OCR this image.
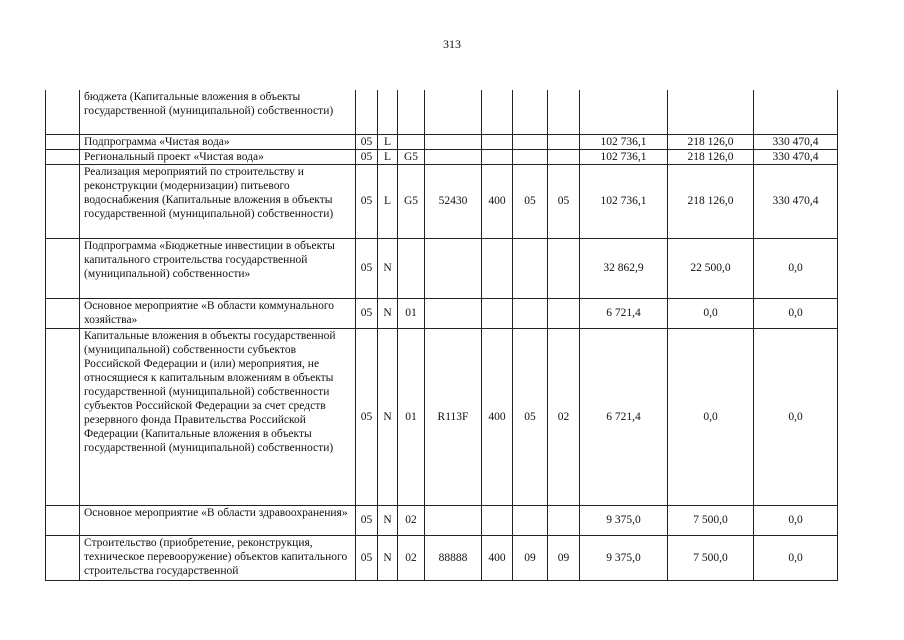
313
	бюджета (Капитальные вложения в объекты государственной (муниципальной) собственности)										
	Подпрограмма «Чистая вода»	05	L						102 736,1	218 126,0	330 470,4
	Региональный проект «Чистая вода»	05	L	G5					102 736,1	218 126,0	330 470,4
	Реализация мероприятий по строительству и реконструкции (модернизации) питьевого водоснабжения (Капитальные вложения в объекты государственной (муниципальной) собственности)	05	L	G5	52430	400	05	05	102 736,1	218 126,0	330 470,4
	Подпрограмма «Бюджетные инвестиции в объекты капитального строительства государственной (муниципальной) собственности»	05	N						32 862,9	22 500,0	0,0
	Основное мероприятие «В области коммунального хозяйства»	05	N	01					6 721,4	0,0	0,0
	Капитальные вложения в объекты государственной (муниципальной) собственности субъектов Российской Федерации и (или) мероприятия, не относящиеся к капитальным вложениям в объекты государственной (муниципальной) собственности субъектов Российской Федерации за счет средств резервного фонда Правительства Российской Федерации (Капитальные вложения в объекты государственной (муниципальной) собственности)	05	N	01	R113F	400	05	02	6 721,4	0,0	0,0
	Основное мероприятие «В области здравоохранения»	05	N	02					9 375,0	7 500,0	0,0
	Строительство (приобретение, реконструкция, техническое перевооружение) объектов капитального строительства государственной	05	N	02	88888	400	09	09	9 375,0	7 500,0	0,0
